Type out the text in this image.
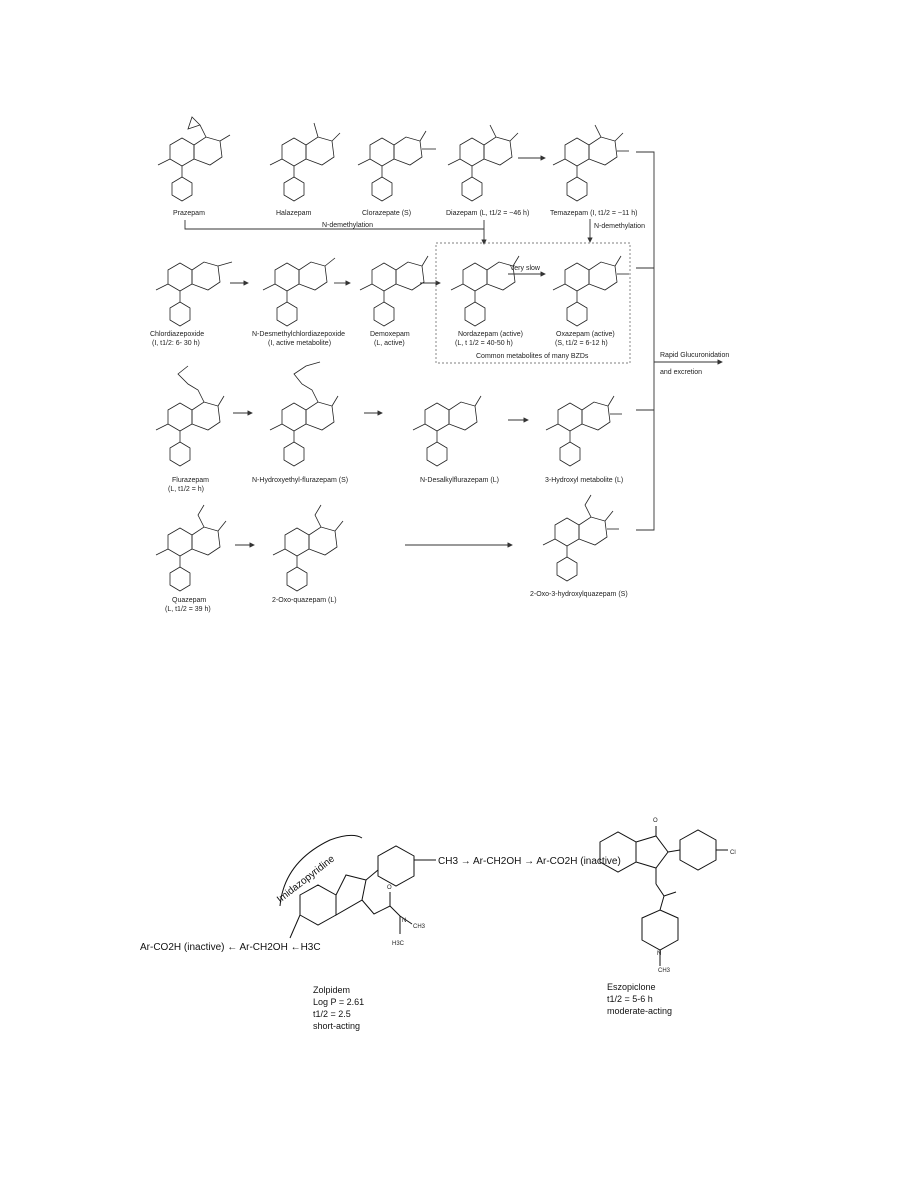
Prazepam	Halazepam	Clorazepate (S)	Diazepam (L, t1/2 = ~46 h)	Temazepam (I, t1/2 = ~11 h)
N-demethylation	N-demethylation
Rapid Glucuronidation
and excretion
Very slow
Common metabolites of many BZDs
Chlordiazepoxide
(I, t1/2: 6- 30 h)
N-Desmethylchlordiazepoxide
(I, active metabolite)
Demoxepam
(L, active)
Nordazepam (active)
(L, t 1/2 = 40-50 h)
Oxazepam (active)
(S, t1/2 = 6-12 h)
Flurazepam
(L, t1/2 = h)
N-Hydroxyethyl-flurazepam (S)	N-Desalkylflurazepam (L)	3-Hydroxyl metabolite (L)
Quazepam
(L, t1/2 = 39 h)
2-Oxo-quazepam (L)
2-Oxo-3-hydroxylquazepam (S)
Imidazopyridine	CH3 → Ar-CH2OH → Ar-CO2H (inactive)
Ar-CO2H (inactive) ← Ar-CH2OH ←H3C
O
N
CH3
H3C
Zolpidem
Log P = 2.61
t1/2 = 2.5
short-acting
O
Cl
N
CH3
Eszopiclone
t1/2 = 5-6 h
moderate-acting
